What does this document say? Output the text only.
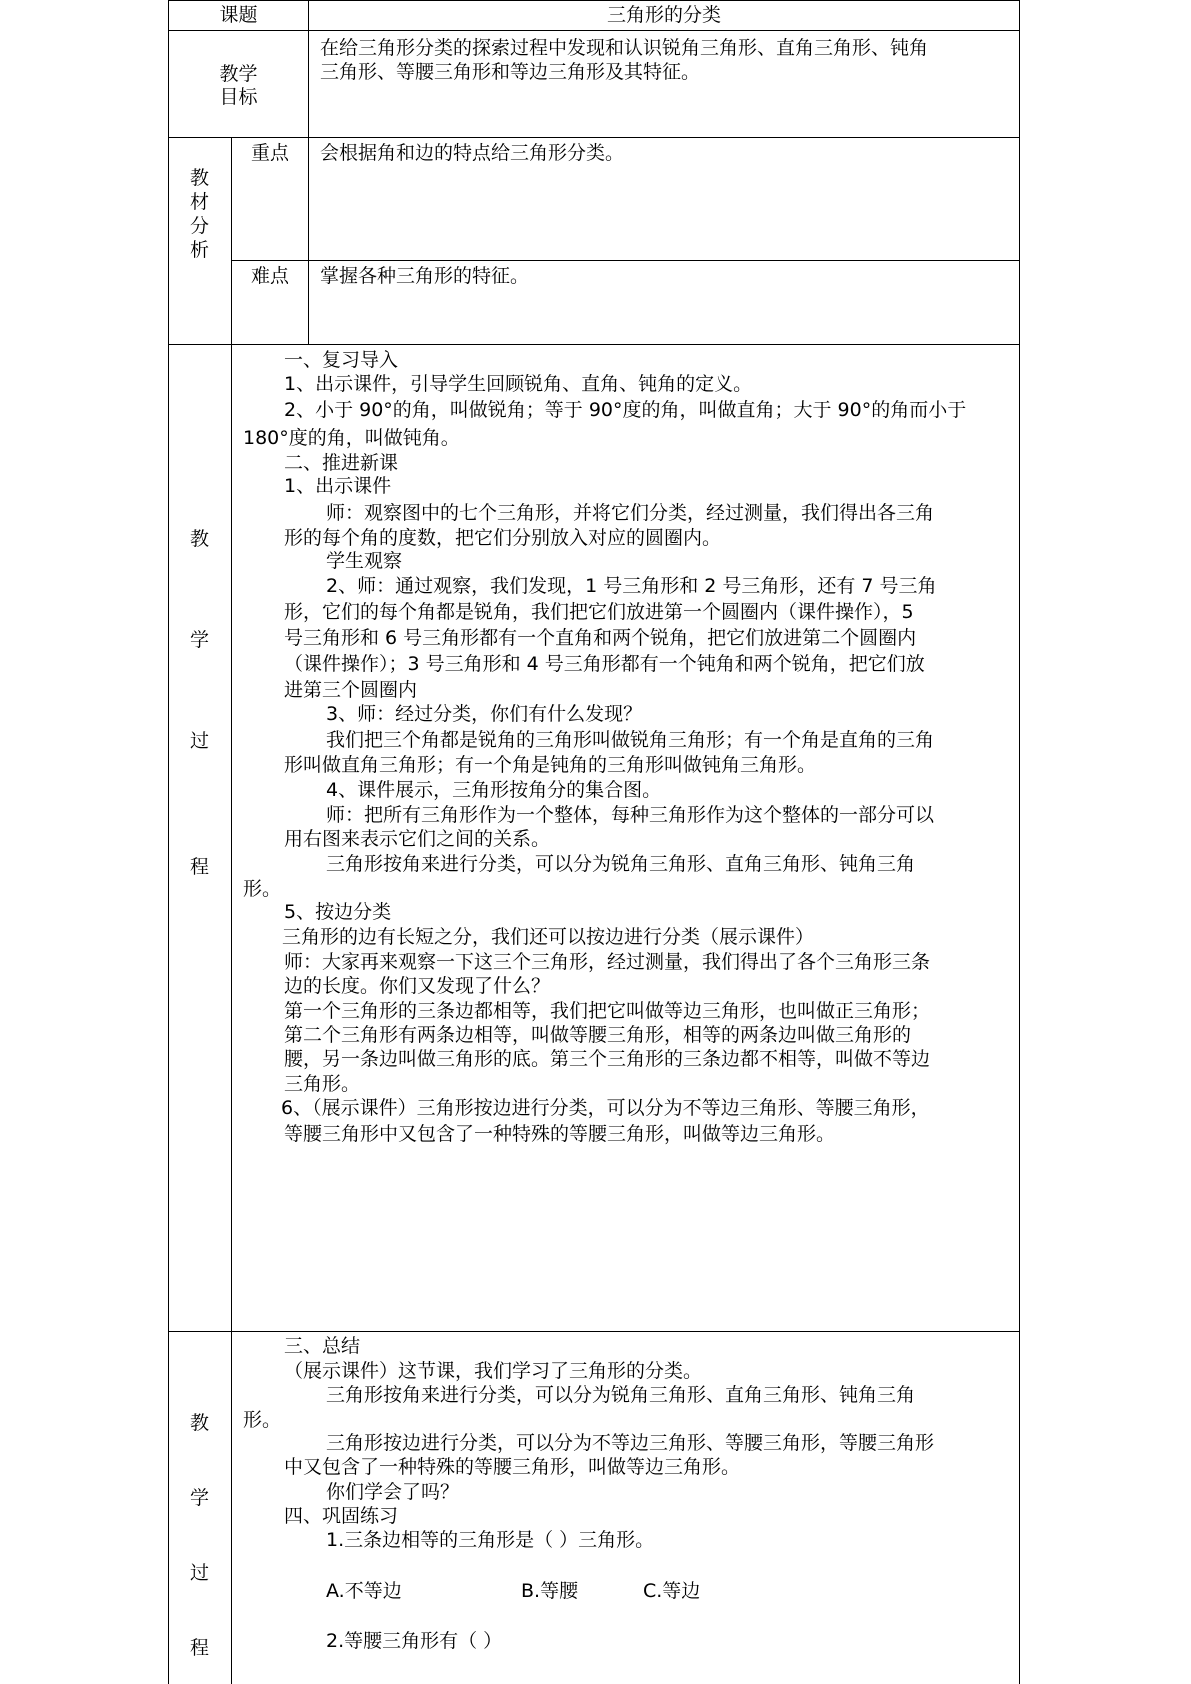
课题	三角形的分类
教学
目标
在给三角形分类的探索过程中发现和认识锐角三角形、直角三角形、钝角
三角形、等腰三角形和等边三角形及其特征。
教
材
分
析
重点	会根据角和边的特点给三角形分类。
难点	掌握各种三角形的特征。
教
学
过
程
一、复习导入
1、出示课件，引导学生回顾锐角、直角、钝角的定义。
2、小于 90°的角，叫做锐角；等于 90°度的角，叫做直角；大于 90°的角而小于
180°度的角，叫做钝角。
二、推进新课
1、出示课件
师：观察图中的七个三角形，并将它们分类，经过测量，我们得出各三角
形的每个角的度数，把它们分别放入对应的圆圈内。
学生观察
2、师：通过观察，我们发现，1 号三角形和 2 号三角形，还有 7 号三角
形，它们的每个角都是锐角，我们把它们放进第一个圆圈内（课件操作），5
号三角形和 6 号三角形都有一个直角和两个锐角，把它们放进第二个圆圈内
（课件操作）；3 号三角形和 4 号三角形都有一个钝角和两个锐角，把它们放
进第三个圆圈内
3、师：经过分类，你们有什么发现？
我们把三个角都是锐角的三角形叫做锐角三角形；有一个角是直角的三角
形叫做直角三角形；有一个角是钝角的三角形叫做钝角三角形。
4、课件展示，三角形按角分的集合图。
师：把所有三角形作为一个整体，每种三角形作为这个整体的一部分可以
用右图来表示它们之间的关系。
三角形按角来进行分类，可以分为锐角三角形、直角三角形、钝角三角
形。
5、按边分类
三角形的边有长短之分，我们还可以按边进行分类（展示课件）
师：大家再来观察一下这三个三角形，经过测量，我们得出了各个三角形三条
边的长度。你们又发现了什么？
第一个三角形的三条边都相等，我们把它叫做等边三角形，也叫做正三角形；
第二个三角形有两条边相等，叫做等腰三角形，相等的两条边叫做三角形的
腰，另一条边叫做三角形的底。第三个三角形的三条边都不相等，叫做不等边
三角形。
6、（展示课件）三角形按边进行分类，可以分为不等边三角形、等腰三角形，
等腰三角形中又包含了一种特殊的等腰三角形，叫做等边三角形。
教
学
过
程
三、总结
（展示课件）这节课，我们学习了三角形的分类。
三角形按角来进行分类，可以分为锐角三角形、直角三角形、钝角三角
形。
三角形按边进行分类，可以分为不等边三角形、等腰三角形，等腰三角形
中又包含了一种特殊的等腰三角形，叫做等边三角形。
你们学会了吗？
四、巩固练习
1.三条边相等的三角形是（ ）三角形。
A.不等边	B.等腰	C.等边
2.等腰三角形有（ ）
